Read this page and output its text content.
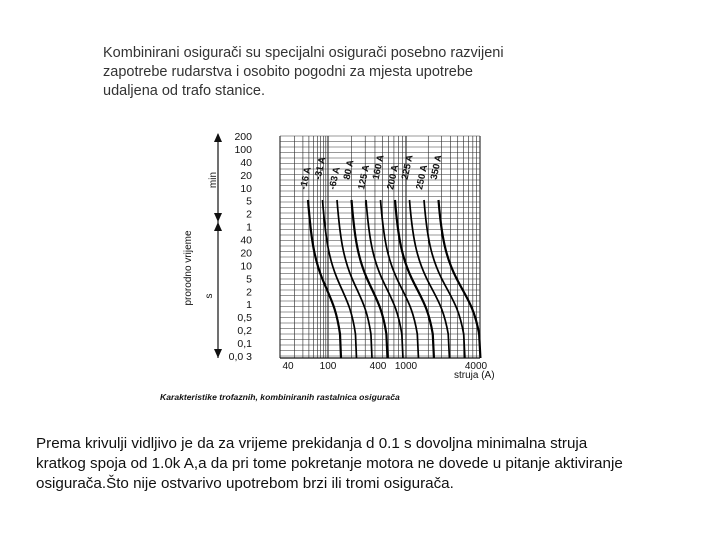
Kombinirani osigurači su specijalni osigurači posebno razvijeni
zapotrebe rudarstva i osobito pogodni za mjesta upotrebe
udaljena od trafo stanice.

-16 A
-31 A
-63 A
80 A 125 A
160 A
200 A
225 A
250 A
350 A
200
100
40
20
10
5
2
1
40
20
10
5
2
1
0,5
0,2
0,1
0,0 3
40	100	400 1000	4000
min
s
prorodno vrijeme
struja (A)
Karakteristike trofaznih, kombiniranih rastalnica osigurača

Prema krivulji vidljivo je da za vrijeme prekidanja d 0.1 s dovoljna minimalna struja
kratkog spoja od 1.0k A,a da pri tome pokretanje motora ne dovede u pitanje aktiviranje
osigurača.Što nije ostvarivo upotrebom brzi ili tromi osigurača.
